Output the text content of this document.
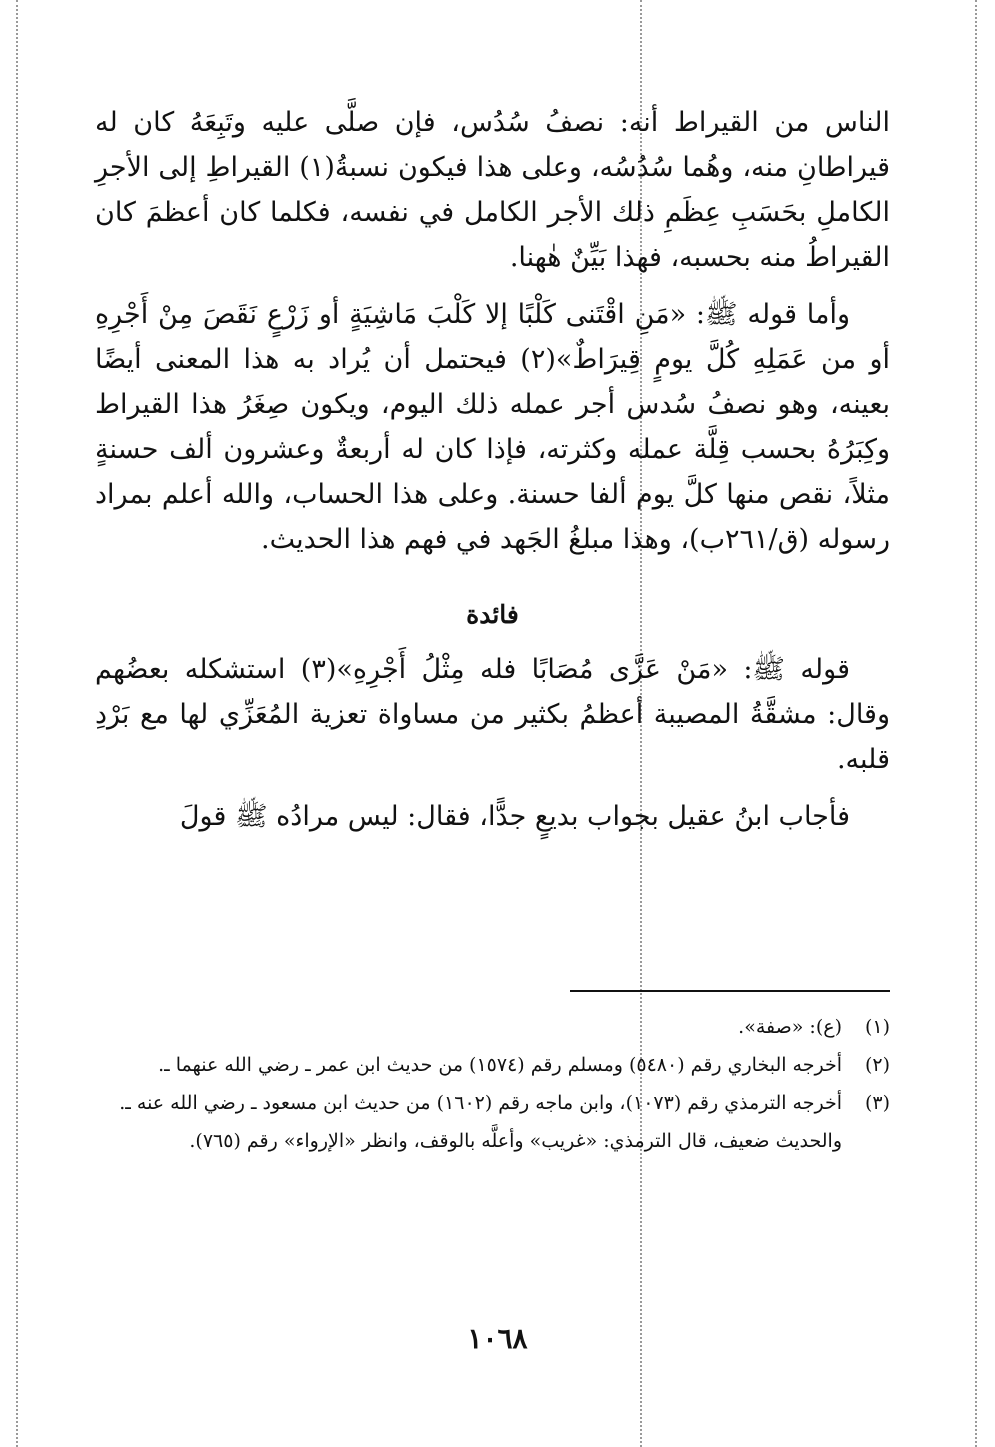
الناس من القيراط أنه: نصفُ سُدُس، فإن صلَّى عليه وتَبِعَهُ كان له قيراطانِ منه، وهُما سُدُسُه، وعلى هذا فيكون نسبةُ(١) القيراطِ إلى الأجرِ الكاملِ بحَسَبِ عِظَمِ ذلك الأجر الكامل في نفسه، فكلما كان أعظمَ كان القيراطُ منه بحسبه، فهذا بَيِّنٌ هٰهنا.

وأما قوله ﷺ: «مَنِ اقْتَنى كَلْبًا إلا كَلْبَ مَاشِيَةٍ أو زَرْعٍ نَقَصَ مِنْ أَجْرِهِ أو من عَمَلِهِ كُلَّ يومٍ قِيرَاطٌ»(٢) فيحتمل أن يُراد به هذا المعنى أيضًا بعينه، وهو نصفُ سُدس أجر عمله ذلك اليوم، ويكون صِغَرُ هذا القيراط وكِبَرُهُ بحسب قِلَّة عمله وكثرته، فإذا كان له أربعةٌ وعشرون ألف حسنةٍ مثلاً، نقص منها كلَّ يوم ألفا حسنة. وعلى هذا الحساب، والله أعلم بمراد رسوله (ق/٢٦١ب)، وهذا مبلغُ الجَهد في فهم هذا الحديث.

فائدة

قوله ﷺ: «مَنْ عَزَّى مُصَابًا فله مِثْلُ أَجْرِهِ»(٣) استشكله بعضُهم وقال: مشقَّةُ المصيبة أعظمُ بكثير من مساواة تعزية المُعَزِّي لها مع بَرْدِ قلبه.

فأجاب ابنُ عقيل بجواب بديعٍ جدًّا، فقال: ليس مرادُه ﷺ قولَ

(١)
(ع): «صفة».
(٢)
أخرجه البخاري رقم (٥٤٨٠) ومسلم رقم (١٥٧٤) من حديث ابن عمر ـ رضي الله عنهما ـ.
(٣)
أخرجه الترمذي رقم (١٠٧٣)، وابن ماجه رقم (١٦٠٢) من حديث ابن مسعود ـ رضي الله عنه ـ.
والحديث ضعيف، قال الترمذي: «غريب» وأعلَّه بالوقف، وانظر «الإرواء» رقم (٧٦٥).
١٠٦٨
